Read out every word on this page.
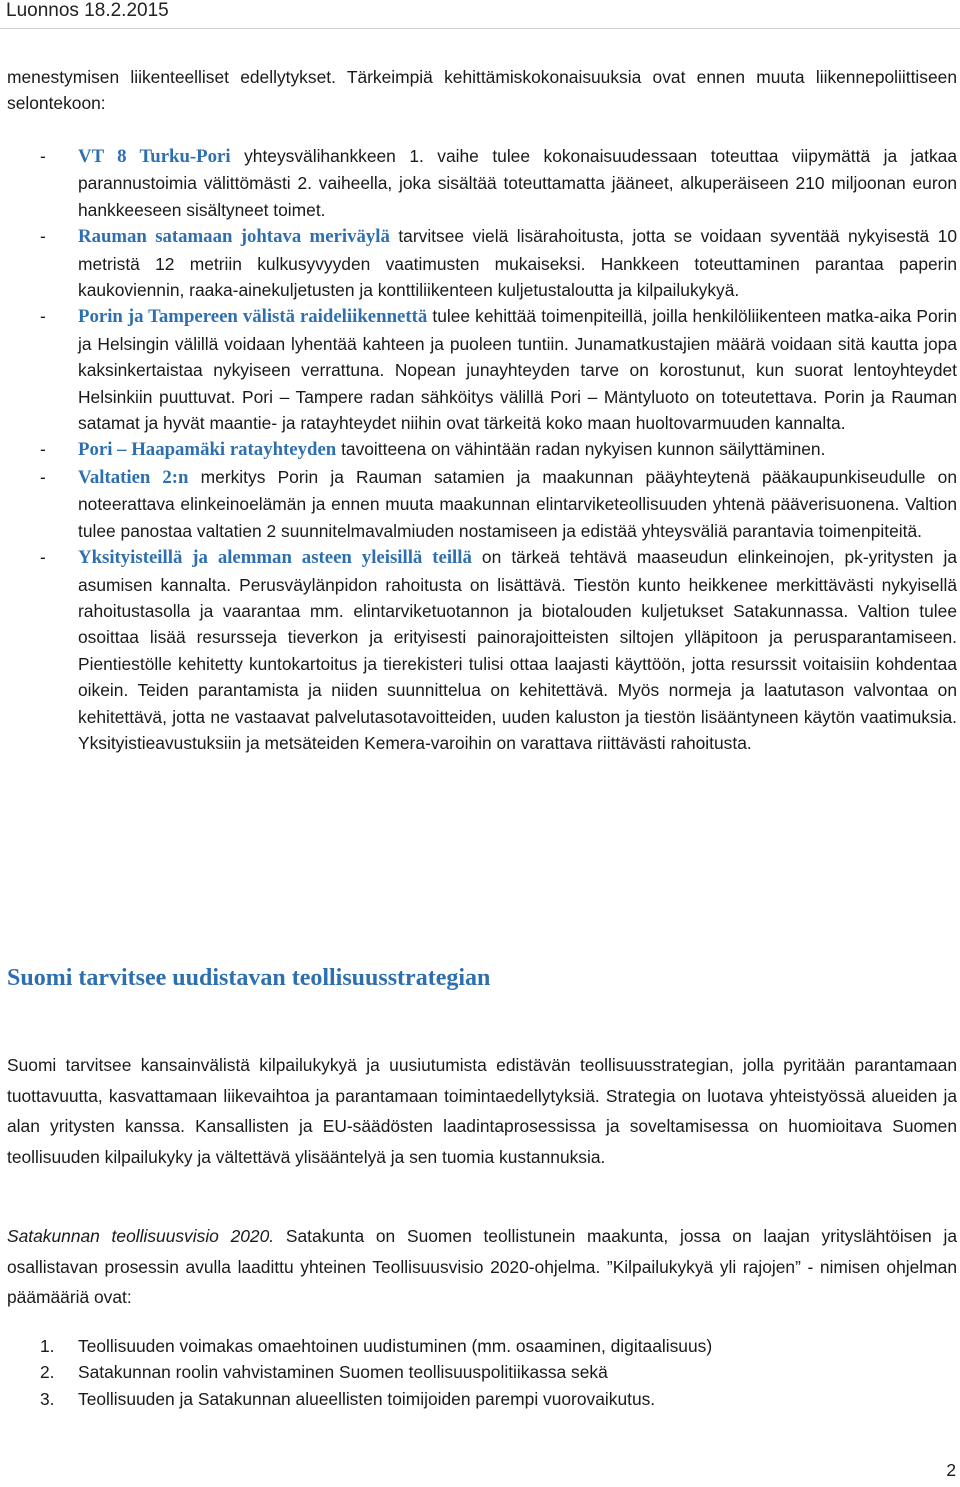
Luonnos 18.2.2015

menestymisen liikenteelliset edellytykset. Tärkeimpiä kehittämiskokonaisuuksia ovat ennen muuta liikennepoliittiseen selontekoon:

- VT 8 Turku-Pori yhteysvälihankkeen 1. vaihe tulee kokonaisuudessaan toteuttaa viipymättä ja jatkaa parannustoimia välittömästi 2. vaiheella, joka sisältää toteuttamatta jääneet, alkuperäiseen 210 miljoonan euron hankkeeseen sisältyneet toimet.
- Rauman satamaan johtava meriväylä tarvitsee vielä lisärahoitusta, jotta se voidaan syventää nykyisestä 10 metristä 12 metriin kulkusyvyyden vaatimusten mukaiseksi. Hankkeen toteuttaminen parantaa paperin kaukoviennin, raaka-ainekuljetusten ja konttiliikenteen kuljetustaloutta ja kilpailukykyä.
- Porin ja Tampereen välistä raideliikennettä tulee kehittää toimenpiteillä, joilla henkilöliikenteen matka-aika Porin ja Helsingin välillä voidaan lyhentää kahteen ja puoleen tuntiin. Junamatkustajien määrä voidaan sitä kautta jopa kaksinkertaistaa nykyiseen verrattuna. Nopean junayhteyden tarve on korostunut, kun suorat lentoyhteydet Helsinkiin puuttuvat. Pori – Tampere radan sähköitys välillä Pori – Mäntyluoto on toteutettava. Porin ja Rauman satamat ja hyvät maantie- ja ratayhteydet niihin ovat tärkeitä koko maan huoltovarmuuden kannalta.
- Pori – Haapamäki ratayhteyden tavoitteena on vähintään radan nykyisen kunnon säilyttäminen.
- Valtatien 2:n merkitys Porin ja Rauman satamien ja maakunnan pääyhteytenä pääkaupunkiseudulle on noteerattava elinkeinoelämän ja ennen muuta maakunnan elintarviketeollisuuden yhtenä pääverisuonena. Valtion tulee panostaa valtatien 2 suunnitelmavalmiuden nostamiseen ja edistää yhteysväliä parantavia toimenpiteitä.
- Yksityisteillä ja alemman asteen yleisillä teillä on tärkeä tehtävä maaseudun elinkeinojen, pk-yritysten ja asumisen kannalta. Perusväylänpidon rahoitusta on lisättävä. Tiestön kunto heikkenee merkittävästi nykyisellä rahoitustasolla ja vaarantaa mm. elintarviketuotannon ja biotalouden kuljetukset Satakunnassa. Valtion tulee osoittaa lisää resursseja tieverkon ja erityisesti painorajoitteisten siltojen ylläpitoon ja perusparantamiseen. Pientiestölle kehitetty kuntokartoitus ja tierekisteri tulisi ottaa laajasti käyttöön, jotta resurssit voitaisiin kohdentaa oikein. Teiden parantamista ja niiden suunnittelua on kehitettävä. Myös normeja ja laatutason valvontaa on kehitettävä, jotta ne vastaavat palvelutasotavoitteiden, uuden kaluston ja tiestön lisääntyneen käytön vaatimuksia. Yksityistieavustuksiin ja metsäteiden Kemera-varoihin on varattava riittävästi rahoitusta.
Suomi tarvitsee uudistavan teollisuusstrategian

Suomi tarvitsee kansainvälistä kilpailukykyä ja uusiutumista edistävän teollisuusstrategian, jolla pyritään parantamaan tuottavuutta, kasvattamaan liikevaihtoa ja parantamaan toimintaedellytyksiä. Strategia on luotava yhteistyössä alueiden ja alan yritysten kanssa. Kansallisten ja EU-säädösten laadintaprosessissa ja soveltamisessa on huomioitava Suomen teollisuuden kilpailukyky ja vältettävä ylisääntelyä ja sen tuomia kustannuksia.

Satakunnan teollisuusvisio 2020. Satakunta on Suomen teollistunein maakunta, jossa on laajan yrityslähtöisen ja osallistavan prosessin avulla laadittu yhteinen Teollisuusvisio 2020-ohjelma. ”Kilpailukykyä yli rajojen” - nimisen ohjelman päämääriä ovat:

1. Teollisuuden voimakas omaehtoinen uudistuminen (mm. osaaminen, digitaalisuus)
2. Satakunnan roolin vahvistaminen Suomen teollisuuspolitiikassa sekä
3. Teollisuuden ja Satakunnan alueellisten toimijoiden parempi vuorovaikutus.
2
